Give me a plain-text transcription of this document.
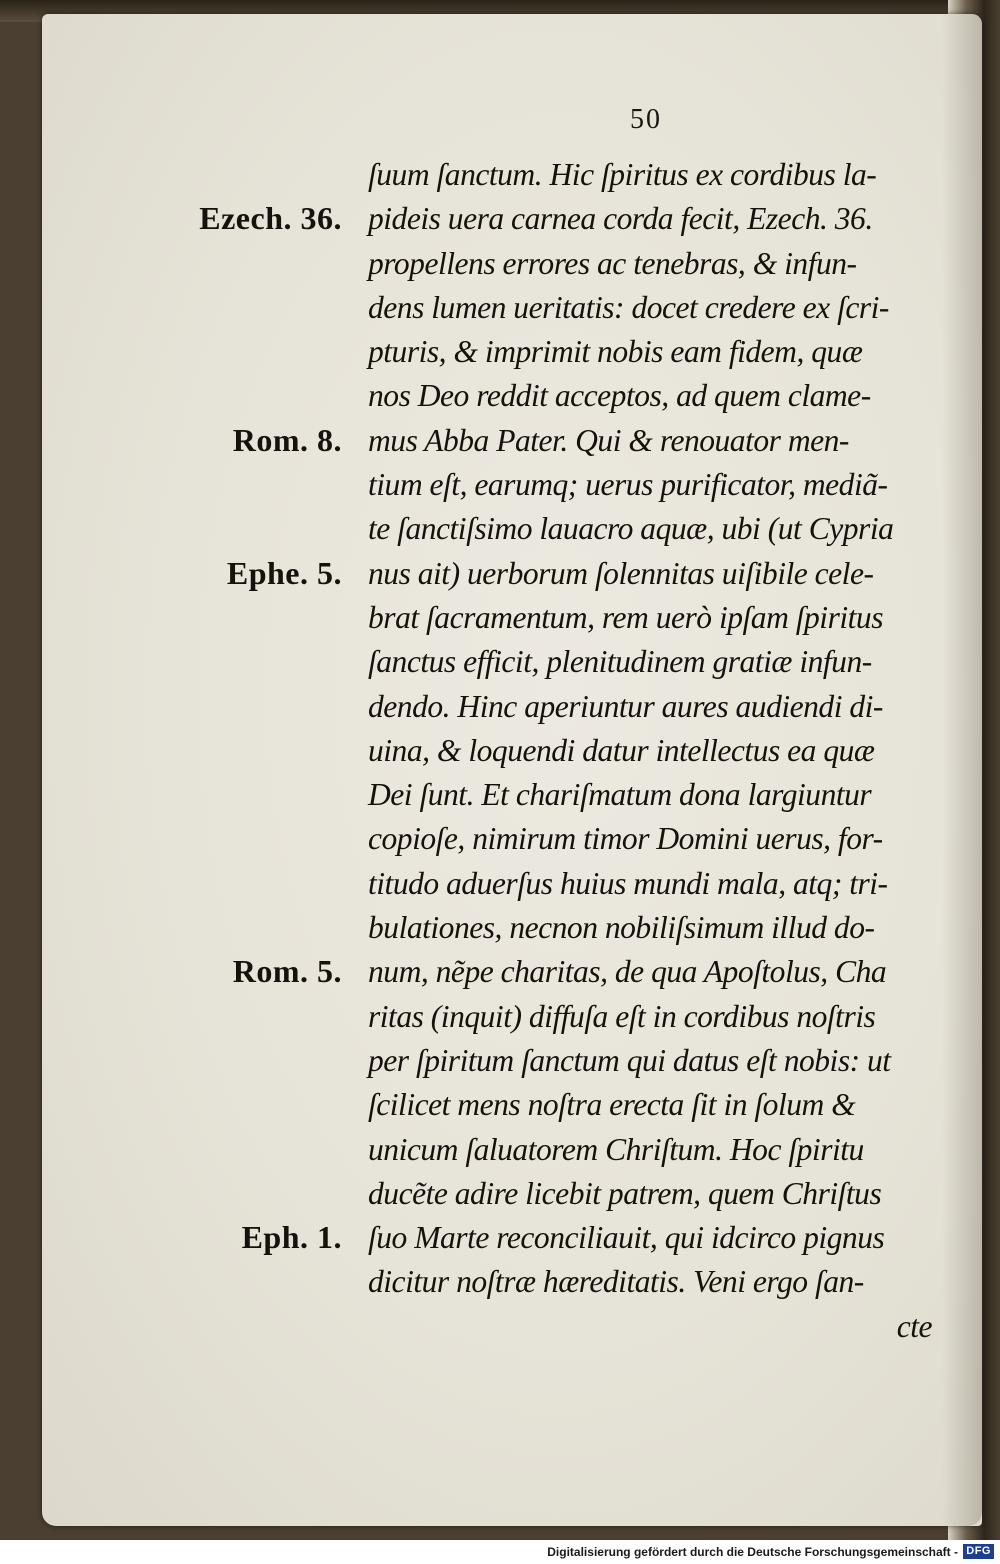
50
Ezech. 36.
Rom. 8.
Ephe. 5.
Rom. 5.
Eph. 1.
ſuum ſanctum. Hic ſpiritus ex cordibus la-
pideis uera carnea corda fecit, Ezech. 36.
propellens errores ac tenebras, & infun-
dens lumen ueritatis: docet credere ex ſcri-
pturis, & imprimit nobis eam fidem, quæ
nos Deo reddit acceptos, ad quem clame-
mus Abba Pater. Qui & renouator men-
tium eſt, earumq; uerus purificator, mediã-
te ſanctiſsimo lauacro aquæ, ubi (ut Cypria
nus ait) uerborum ſolennitas uiſibile cele-
brat ſacramentum, rem uerò ipſam ſpiritus
ſanctus efficit, plenitudinem gratiæ infun-
dendo. Hinc aperiuntur aures audiendi di-
uina, & loquendi datur intellectus ea quæ
Dei ſunt. Et chariſmatum dona largiuntur
copioſe, nimirum timor Domini uerus, for-
titudo aduerſus huius mundi mala, atq; tri-
bulationes, necnon nobiliſsimum illud do-
num, nẽpe charitas, de qua Apoſtolus, Cha
ritas (inquit) diffuſa eſt in cordibus noſtris
per ſpiritum ſanctum qui datus eſt nobis: ut
ſcilicet mens noſtra erecta ſit in ſolum &
unicum ſaluatorem Chriſtum. Hoc ſpiritu
ducẽte adire licebit patrem, quem Chriſtus
ſuo Marte reconciliauit, qui idcirco pignus
dicitur noſtræ hæreditatis. Veni ergo ſan-
cte
Digitalisierung gefördert durch die Deutsche Forschungsgemeinschaft - DFG
